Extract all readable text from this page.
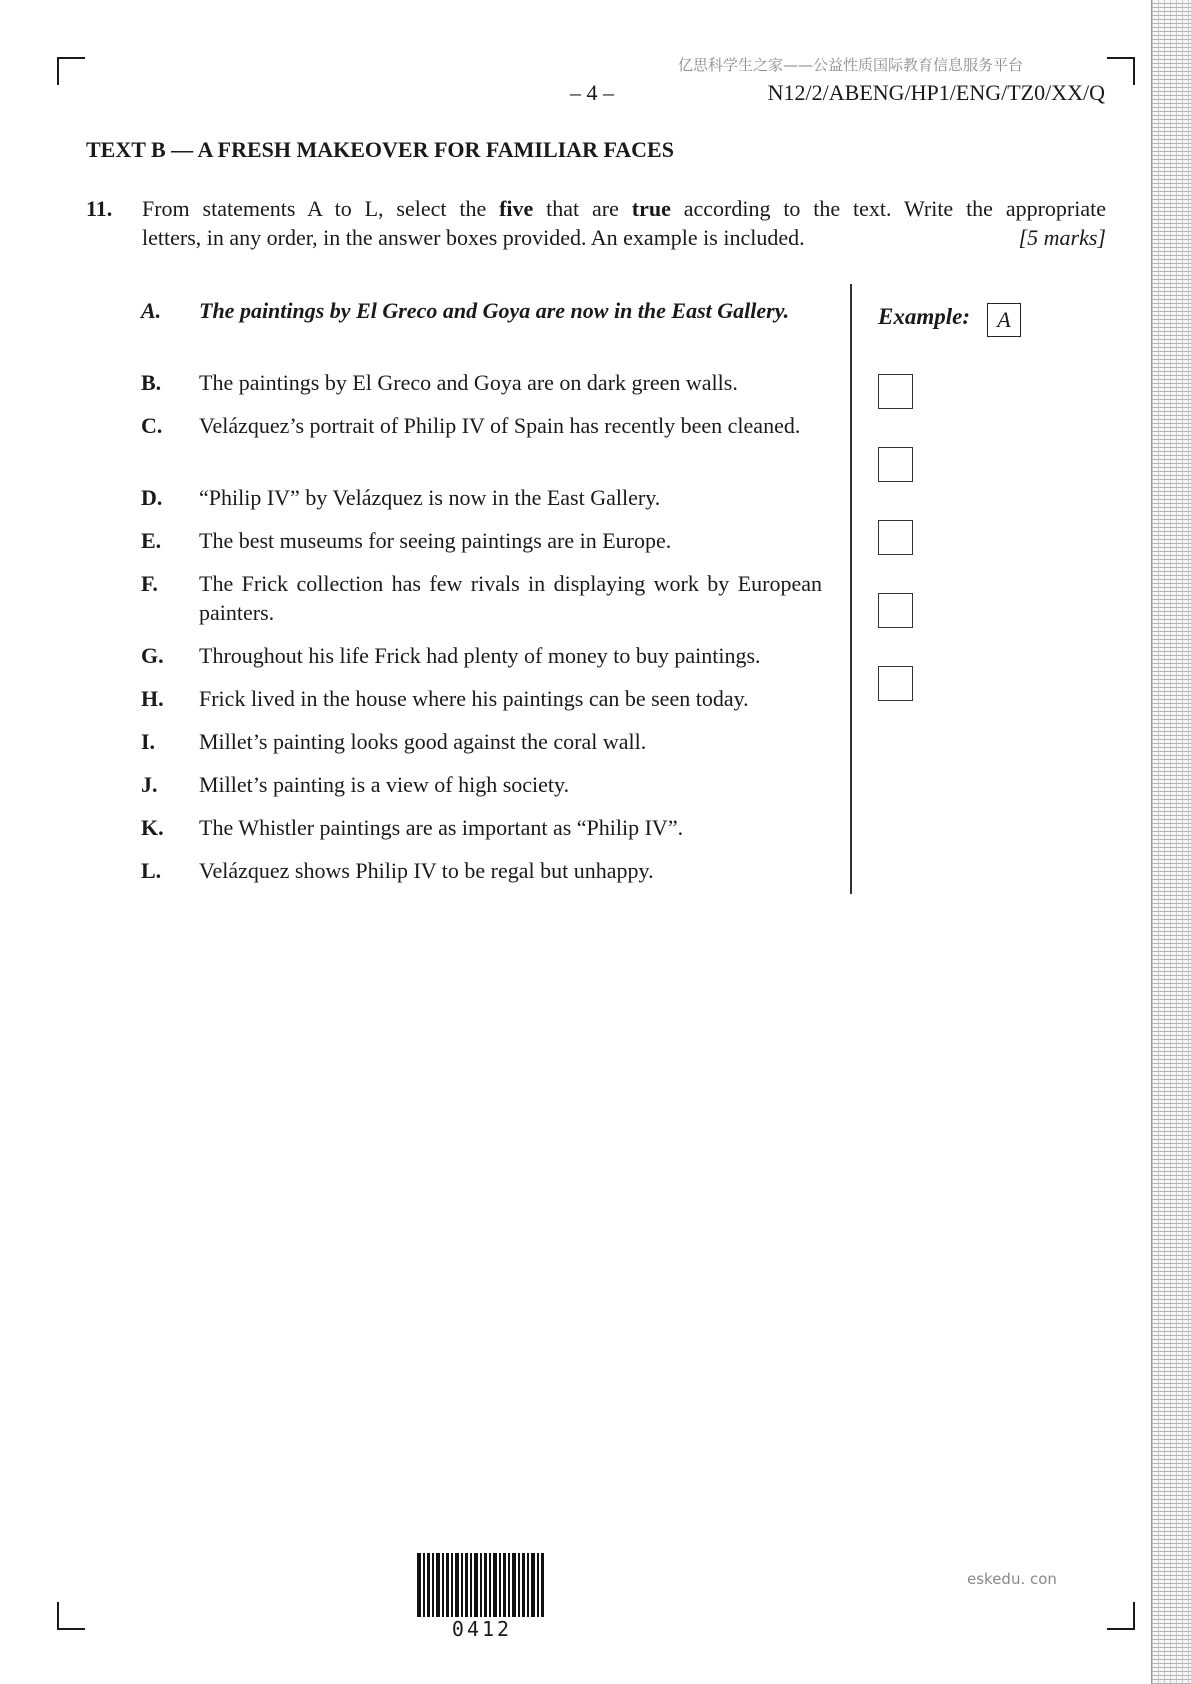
亿思科学生之家——公益性质国际教育信息服务平台
– 4 –	N12/2/ABENG/HP1/ENG/TZ0/XX/Q
TEXT B — A FRESH MAKEOVER FOR FAMILIAR FACES
11. From statements A to L, select the five that are true according to the text. Write the appropriate
letters, in any order, in the answer boxes provided. An example is included.	[5 marks]
A. The paintings by El Greco and Goya are now in the East Gallery.
B. The paintings by El Greco and Goya are on dark green walls.
C. Velázquez’s portrait of Philip IV of Spain has recently been cleaned.
D. “Philip IV” by Velázquez is now in the East Gallery.
E. The best museums for seeing paintings are in Europe.
F. The Frick collection has few rivals in displaying work by European painters.
G. Throughout his life Frick had plenty of money to buy paintings.
H. Frick lived in the house where his paintings can be seen today.
I. Millet’s painting looks good against the coral wall.
J. Millet’s painting is a view of high society.
K. The Whistler paintings are as important as “Philip IV”.
L. Velázquez shows Philip IV to be regal but unhappy.
Example:	A
0412
eskedu. con
